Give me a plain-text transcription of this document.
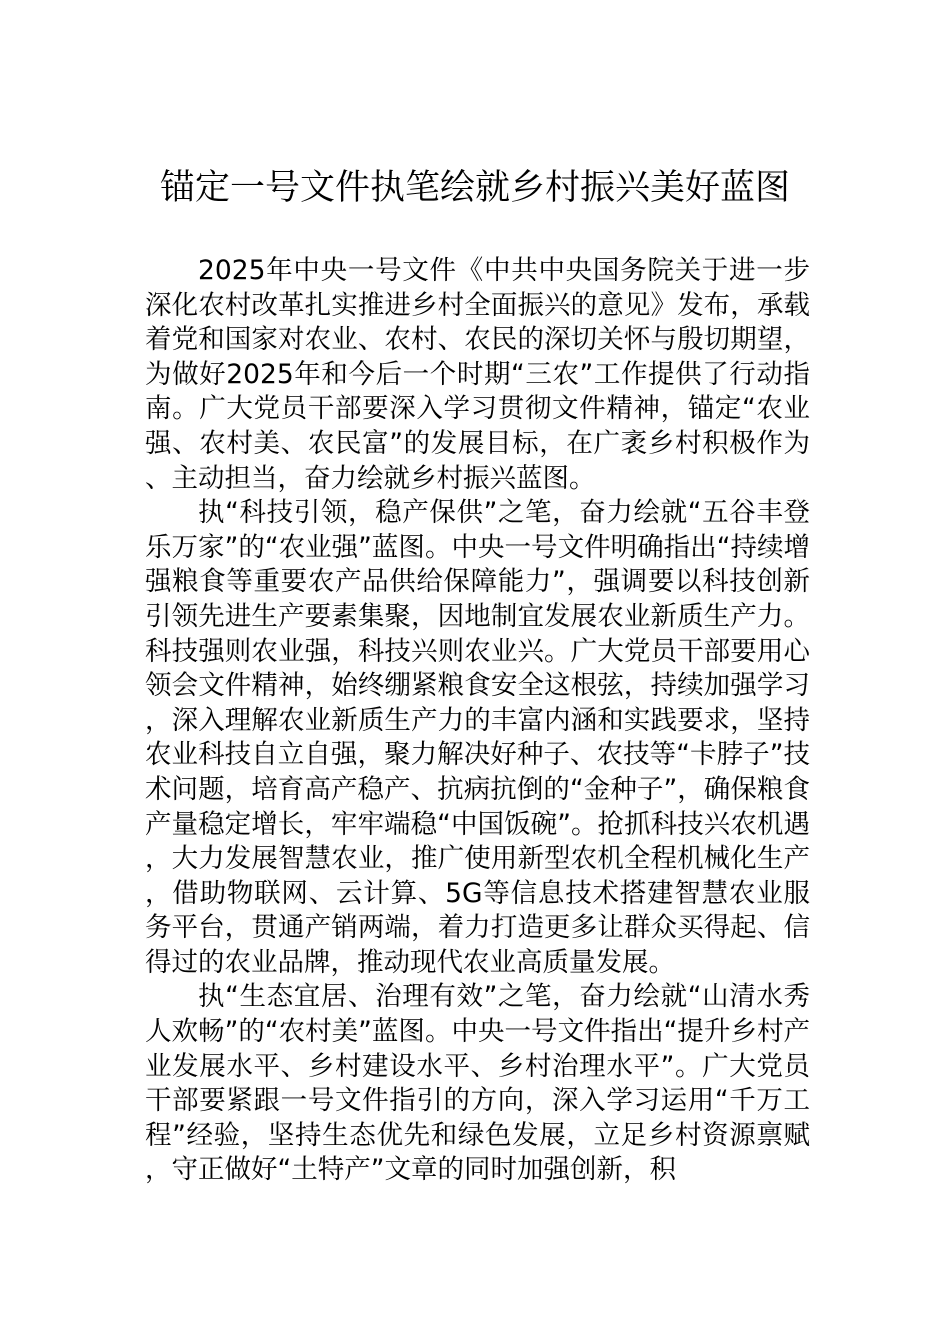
锚定一号文件执笔绘就乡村振兴美好蓝图

2025年中央一号文件《中共中央国务院关于进一步深化农村改革扎实推进乡村全面振兴的意见》发布，承载着党和国家对农业、农村、农民的深切关怀与殷切期望，为做好2025年和今后一个时期“三农”工作提供了行动指南。广大党员干部要深入学习贯彻文件精神，锚定“农业强、农村美、农民富”的发展目标，在广袤乡村积极作为、主动担当，奋力绘就乡村振兴蓝图。

执“科技引领，稳产保供”之笔，奋力绘就“五谷丰登乐万家”的“农业强”蓝图。中央一号文件明确指出“持续增强粮食等重要农产品供给保障能力”，强调要以科技创新引领先进生产要素集聚，因地制宜发展农业新质生产力。科技强则农业强，科技兴则农业兴。广大党员干部要用心领会文件精神，始终绷紧粮食安全这根弦，持续加强学习，深入理解农业新质生产力的丰富内涵和实践要求，坚持农业科技自立自强，聚力解决好种子、农技等“卡脖子”技术问题，培育高产稳产、抗病抗倒的“金种子”，确保粮食产量稳定增长，牢牢端稳“中国饭碗”。抢抓科技兴农机遇，大力发展智慧农业，推广使用新型农机全程机械化生产，借助物联网、云计算、5G等信息技术搭建智慧农业服务平台，贯通产销两端，着力打造更多让群众买得起、信得过的农业品牌，推动现代农业高质量发展。

执“生态宜居、治理有效”之笔，奋力绘就“山清水秀人欢畅”的“农村美”蓝图。中央一号文件指出“提升乡村产业发展水平、乡村建设水平、乡村治理水平”。广大党员干部要紧跟一号文件指引的方向，深入学习运用“千万工程”经验，坚持生态优先和绿色发展，立足乡村资源禀赋，守正做好“土特产”文章的同时加强创新，积
